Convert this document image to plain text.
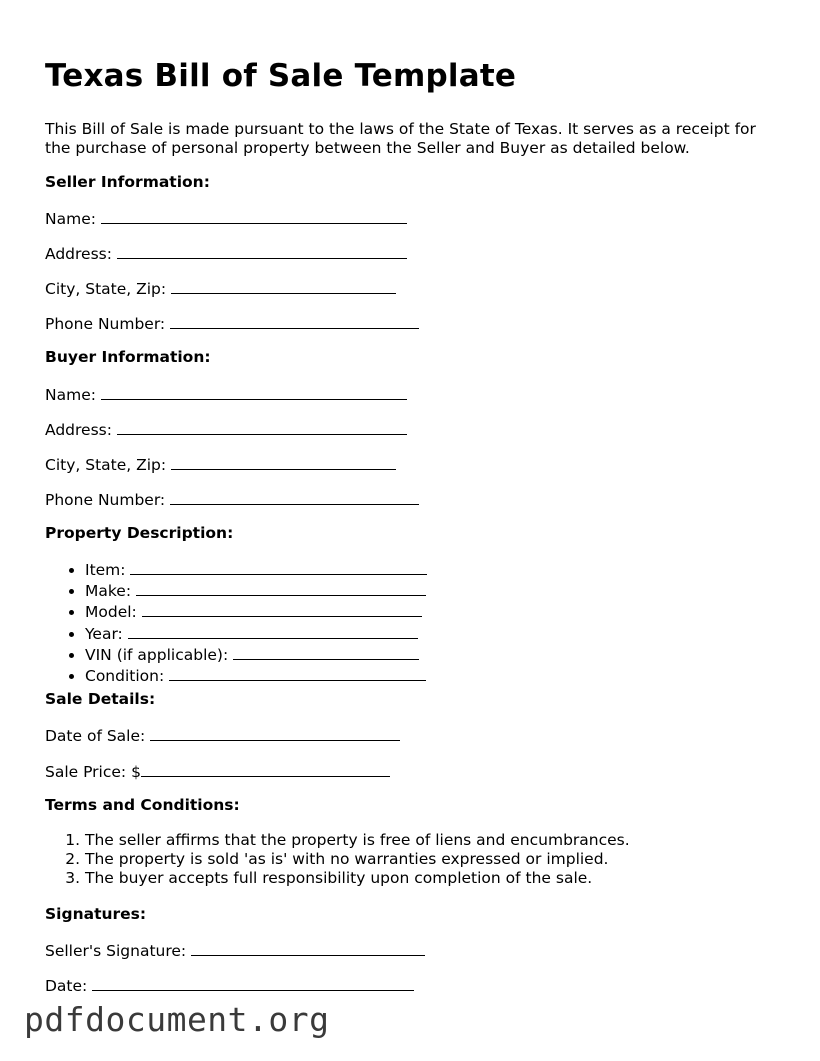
Texas Bill of Sale Template

This Bill of Sale is made pursuant to the laws of the State of Texas. It serves as a receipt for the purchase of personal property between the Seller and Buyer as detailed below.

Seller Information:

Name:

Address:

City, State, Zip:

Phone Number:

Buyer Information:

Name:

Address:

City, State, Zip:

Phone Number:

Property Description:

• Item:
• Make:
• Model:
• Year:
• VIN (if applicable):
• Condition:

Sale Details:

Date of Sale:

Sale Price: $

Terms and Conditions:

1. The seller affirms that the property is free of liens and encumbrances.
2. The property is sold 'as is' with no warranties expressed or implied.
3. The buyer accepts full responsibility upon completion of the sale.

Signatures:

Seller's Signature:

Date:

pdfdocument.org
